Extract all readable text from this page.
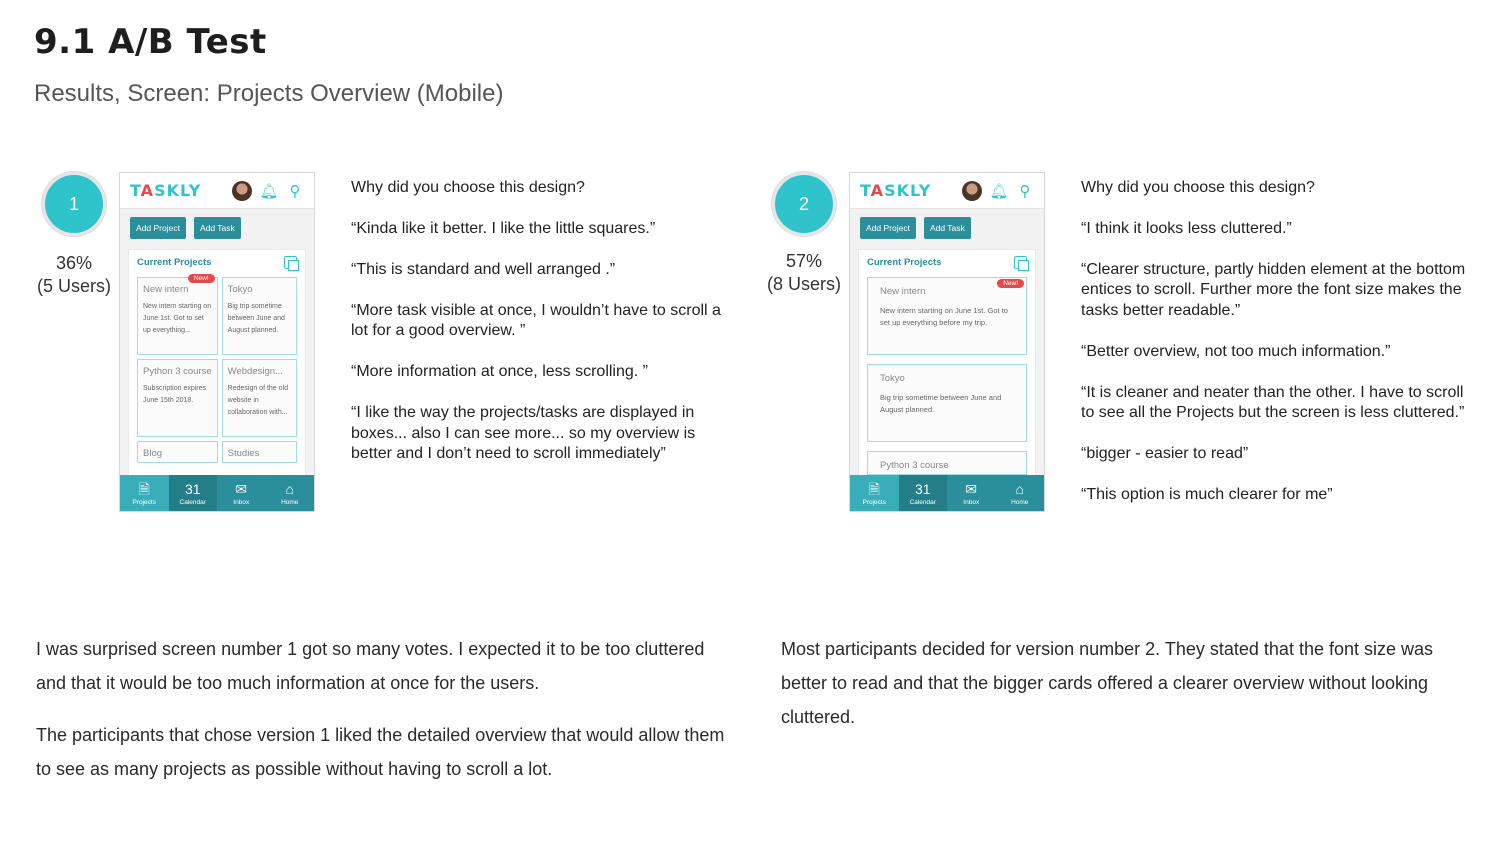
9.1 A/B Test
Results, Screen: Projects Overview (Mobile)
1
36%
(5 Users)
TASKLY	🔔︎ ⚲
Add Project	Add Task
Current Projects
New!
New intern
New intern starting on June 1st. Got to set up everything...
Tokyo
Big trip sometime between June and August planned.
Python 3 course
Subscription expires June 15th 2018.
Webdesign...
Redesign of the old website in collaboration with...
Blog	Studies
🗎
Projects
31
Calendar
✉
Inbox
⌂
Home
Why did you choose this design?

“Kinda like it better. I like the little squares.”

“This is standard and well arranged .”

“More task visible at once, I wouldn’t have to scroll a lot for a good overview. ”

“More information at once, less scrolling. ”

“I like the way the projects/tasks are displayed in boxes... also I can see more... so my overview is better and I don’t need to scroll immediately”

2
57%
(8 Users)
TASKLY	🔔︎ ⚲
Add Project	Add Task
Current Projects
New!
New intern
New intern starting on June 1st. Got to set up everything before my trip.
Tokyo
Big trip sometime between June and August planned.
Python 3 course
🗎
Projects
31
Calendar
✉
Inbox
⌂
Home
Why did you choose this design?

“I think it looks less cluttered.”

“Clearer structure, partly hidden element at the bottom entices to scroll. Further more the font size makes the tasks better readable.”

“Better overview, not too much information.”

“It is cleaner and neater than the other. I have to scroll to see all the Projects but the screen is less cluttered.”

“bigger - easier to read”

“This option is much clearer for me”

I was surprised screen number 1 got so many votes. I expected it to be too cluttered and that it would be too much information at once for the users.

The participants that chose version 1 liked the detailed overview that would allow them to see as many projects as possible without having to scroll a lot.

Most participants decided for version number 2. They stated that the font size was better to read and that the bigger cards offered a clearer overview without looking cluttered.
